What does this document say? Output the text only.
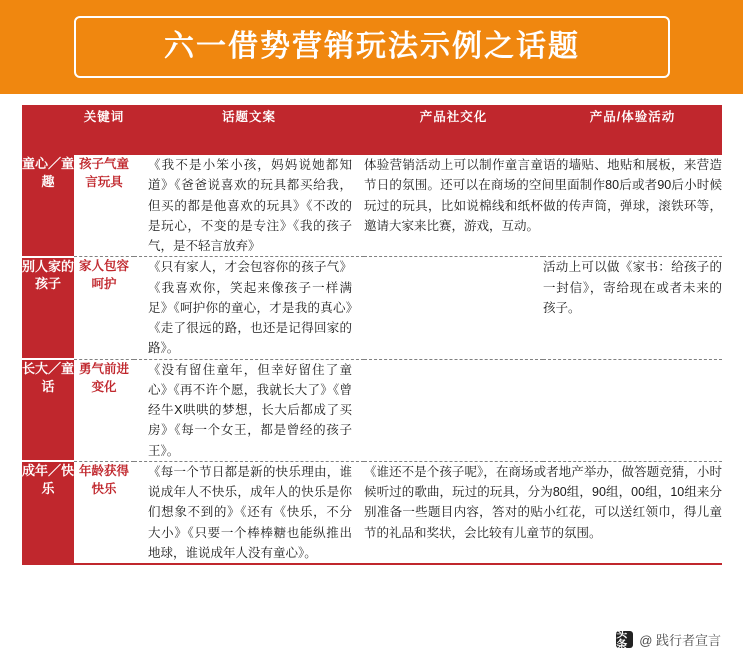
六一借势营销玩法示例之话题
	关键词	话题文案	产品社交化	产品/体验活动
童心／童趣	孩子气童言玩具	《我不是小笨小孩，妈妈说她都知道》《爸爸说喜欢的玩具都买给我，但买的都是他喜欢的玩具》《不改的是玩心，不变的是专注》《我的孩子气，是不轻言放弃》	体验营销活动上可以制作童言童语的墙贴、地贴和展板，来营造节日的氛围。还可以在商场的空间里面制作80后或者90后小时候玩过的玩具，比如说棉线和纸杯做的传声筒，弹球，滚铁环等，邀请大家来比赛，游戏，互动。	
别人家的孩子	家人包容呵护	《只有家人，才会包容你的孩子气》《我喜欢你，笑起来像孩子一样满足》《呵护你的童心，才是我的真心》《走了很远的路，也还是记得回家的路》。		活动上可以做《家书：给孩子的一封信》，寄给现在或者未来的孩子。
长大／童话	勇气前进变化	《没有留住童年，但幸好留住了童心》《再不许个愿，我就长大了》《曾经牛X哄哄的梦想，长大后都成了买房》《每一个女王，都是曾经的孩子王》。		
成年／快乐	年龄获得快乐	《每一个节日都是新的快乐理由，谁说成年人不快乐，成年人的快乐是你们想象不到的》《还有《快乐，不分大小》《只要一个棒棒糖也能纵推出地球，谁说成年人没有童心》。	《谁还不是个孩子呢》，在商场或者地产举办，做答题竞猜，小时候听过的歌曲，玩过的玩具，分为80组，90组，00组，10组来分别准备一些题目内容，答对的贴小红花，可以送红领巾，得儿童节的礼品和奖状，会比较有儿童节的氛围。	
头条 @ 践行者宣言
